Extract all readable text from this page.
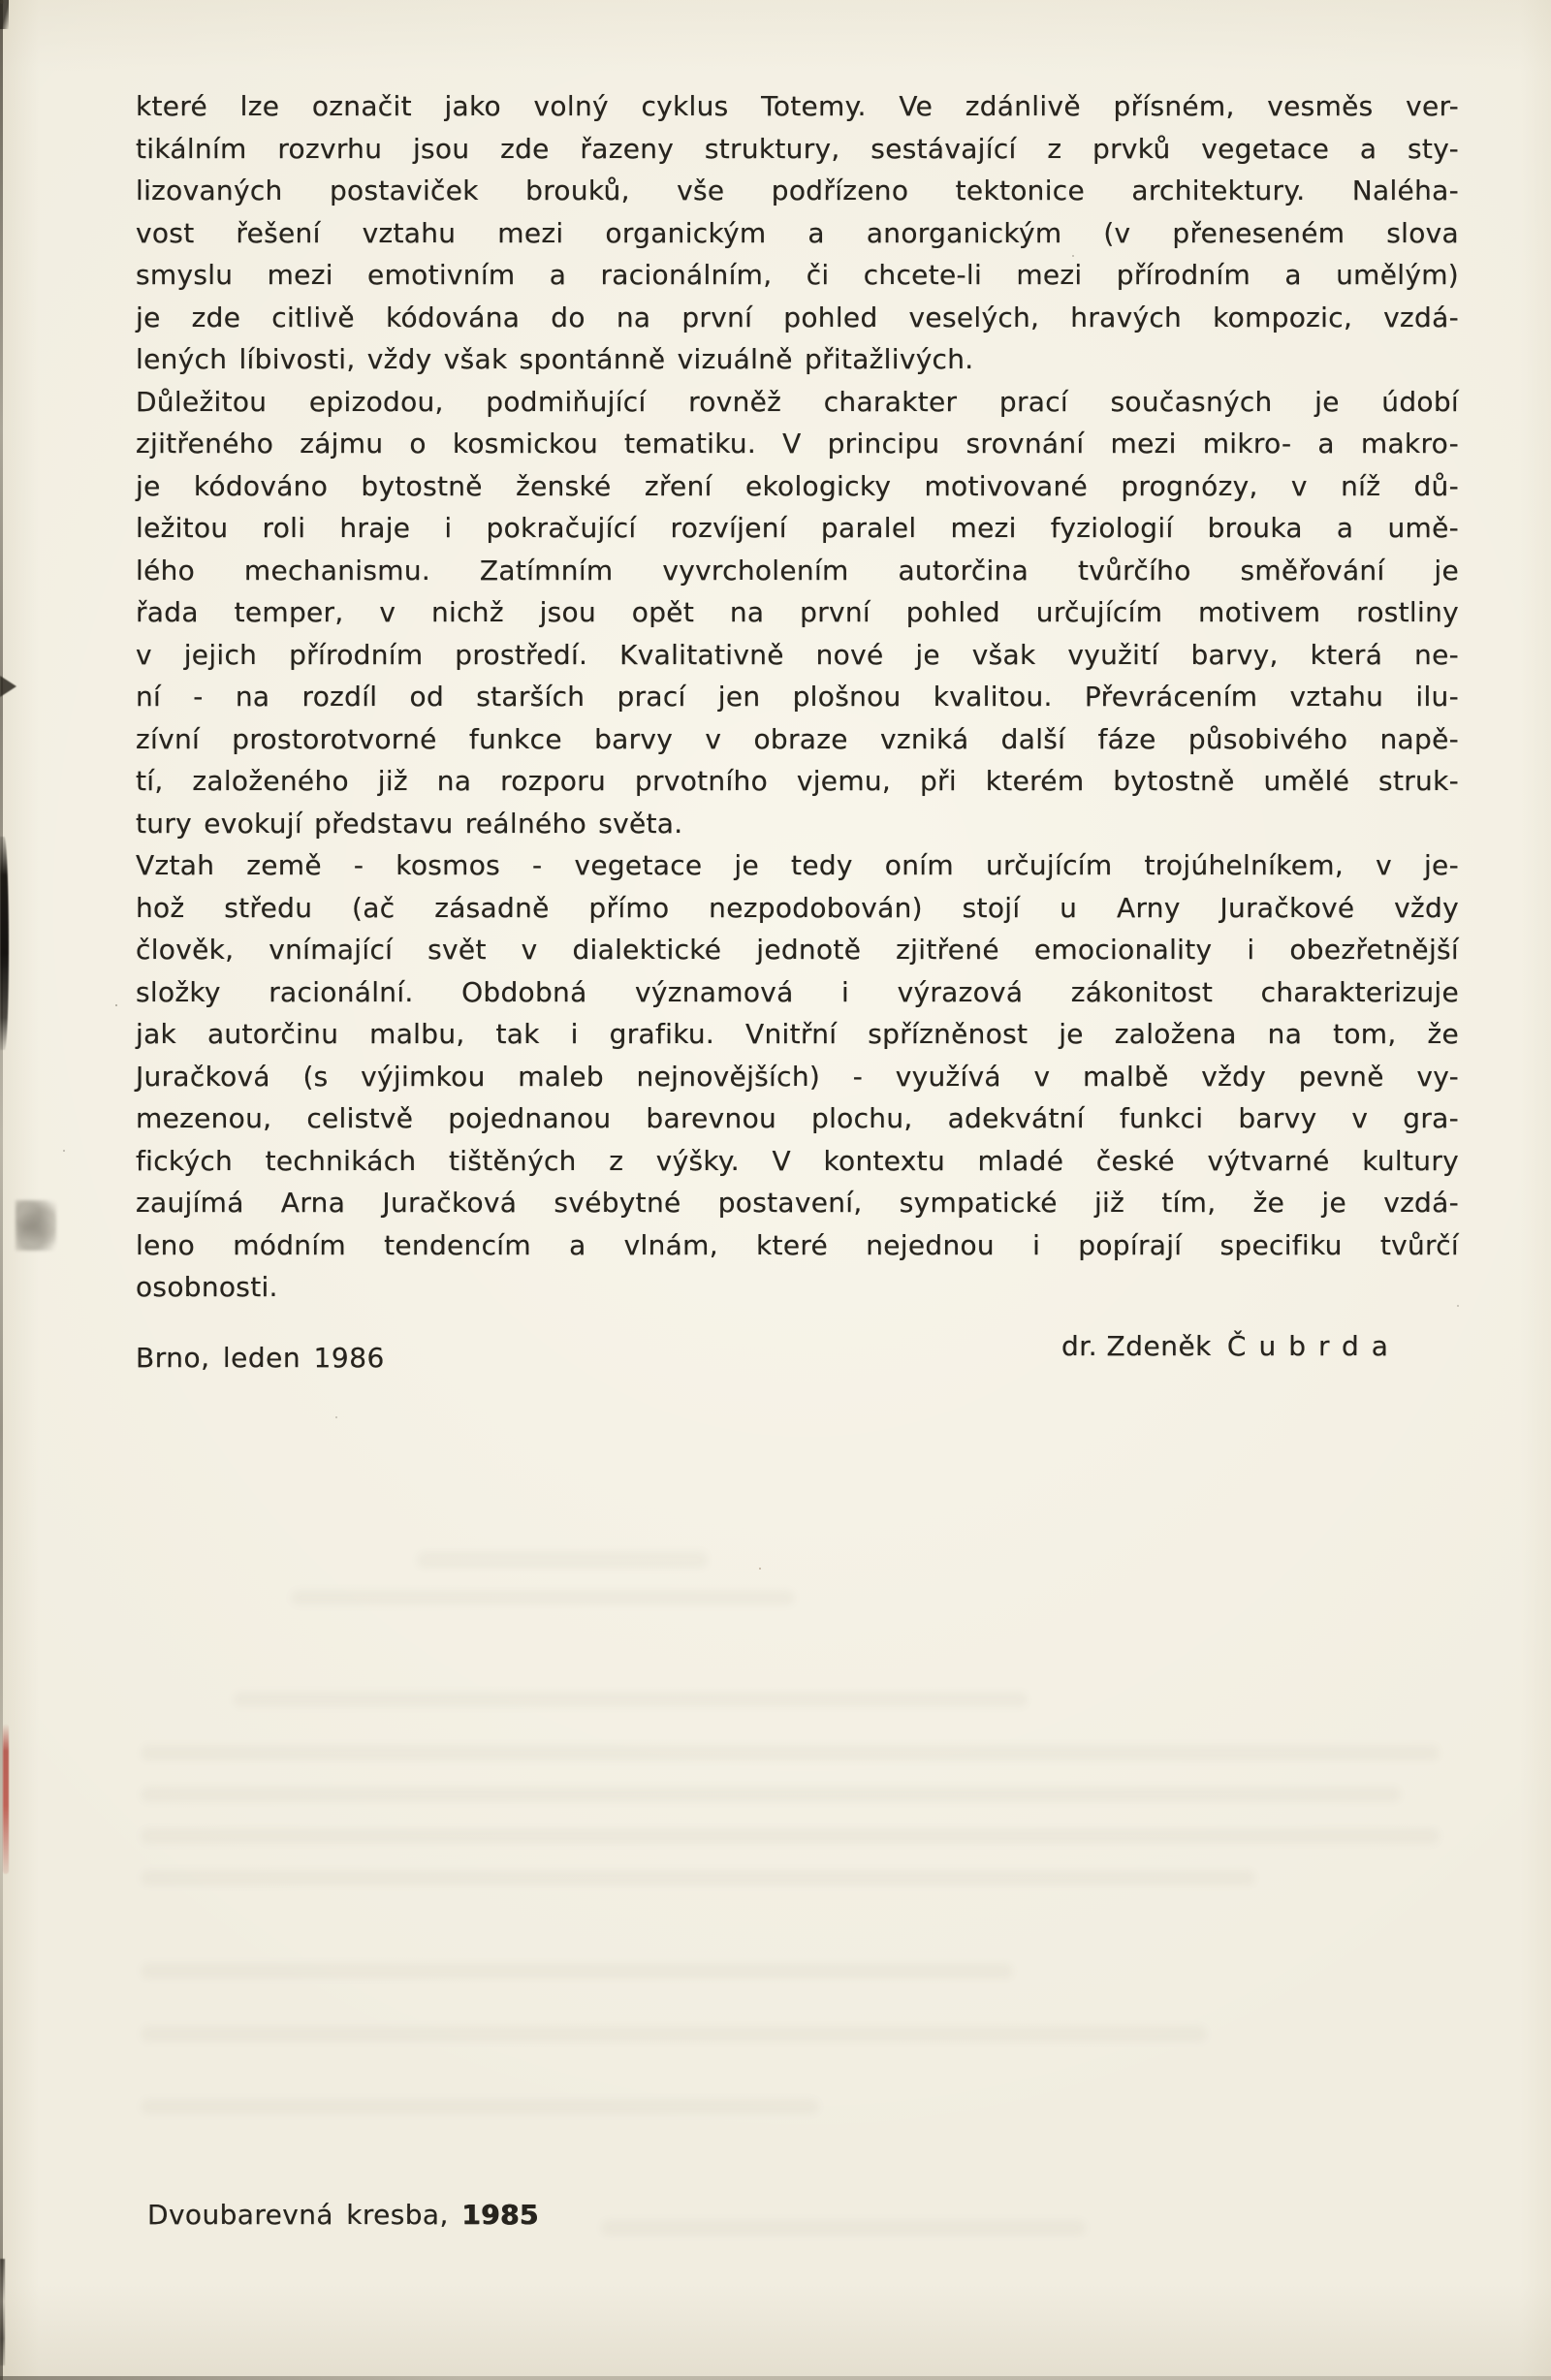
které lze označit jako volný cyklus Totemy. Ve zdánlivě přísném, vesměs ver-
tikálním rozvrhu jsou zde řazeny struktury, sestávající z prvků vegetace a sty-
lizovaných postaviček brouků, vše podřízeno tektonice architektury. Naléha-
vost řešení vztahu mezi organickým a anorganickým (v přeneseném slova
smyslu mezi emotivním a racionálním, či chcete-li mezi přírodním a umělým)
je zde citlivě kódována do na první pohled veselých, hravých kompozic, vzdá-
lených líbivosti, vždy však spontánně vizuálně přitažlivých.
Důležitou epizodou, podmiňující rovněž charakter prací současných je údobí
zjitřeného zájmu o kosmickou tematiku. V principu srovnání mezi mikro- a makro-
je kódováno bytostně ženské zření ekologicky motivované prognózy, v níž dů-
ležitou roli hraje i pokračující rozvíjení paralel mezi fyziologií brouka a umě-
lého mechanismu. Zatímním vyvrcholením autorčina tvůrčího směřování je
řada temper, v nichž jsou opět na první pohled určujícím motivem rostliny
v jejich přírodním prostředí. Kvalitativně nové je však využití barvy, která ne-
ní - na rozdíl od starších prací jen plošnou kvalitou. Převrácením vztahu ilu-
zívní prostorotvorné funkce barvy v obraze vzniká další fáze působivého napě-
tí, založeného již na rozporu prvotního vjemu, při kterém bytostně umělé struk-
tury evokují představu reálného světa.
Vztah země - kosmos - vegetace je tedy oním určujícím trojúhelníkem, v je-
hož středu (ač zásadně přímo nezpodobován) stojí u Arny Juračkové vždy
člověk, vnímající svět v dialektické jednotě zjitřené emocionality i obezřetnější
složky racionální. Obdobná významová i výrazová zákonitost charakterizuje
jak autorčinu malbu, tak i grafiku. Vnitřní spřízněnost je založena na tom, že
Juračková (s výjimkou maleb nejnovějších) - využívá v malbě vždy pevně vy-
mezenou, celistvě pojednanou barevnou plochu, adekvátní funkci barvy v gra-
fických technikách tištěných z výšky. V kontextu mladé české výtvarné kultury
zaujímá Arna Juračková svébytné postavení, sympatické již tím, že je vzdá-
leno módním tendencím a vlnám, které nejednou i popírají specifiku tvůrčí
osobnosti.
Brno, leden 1986	dr. Zdeněk Čubrda
Dvoubarevná kresba, 1985
